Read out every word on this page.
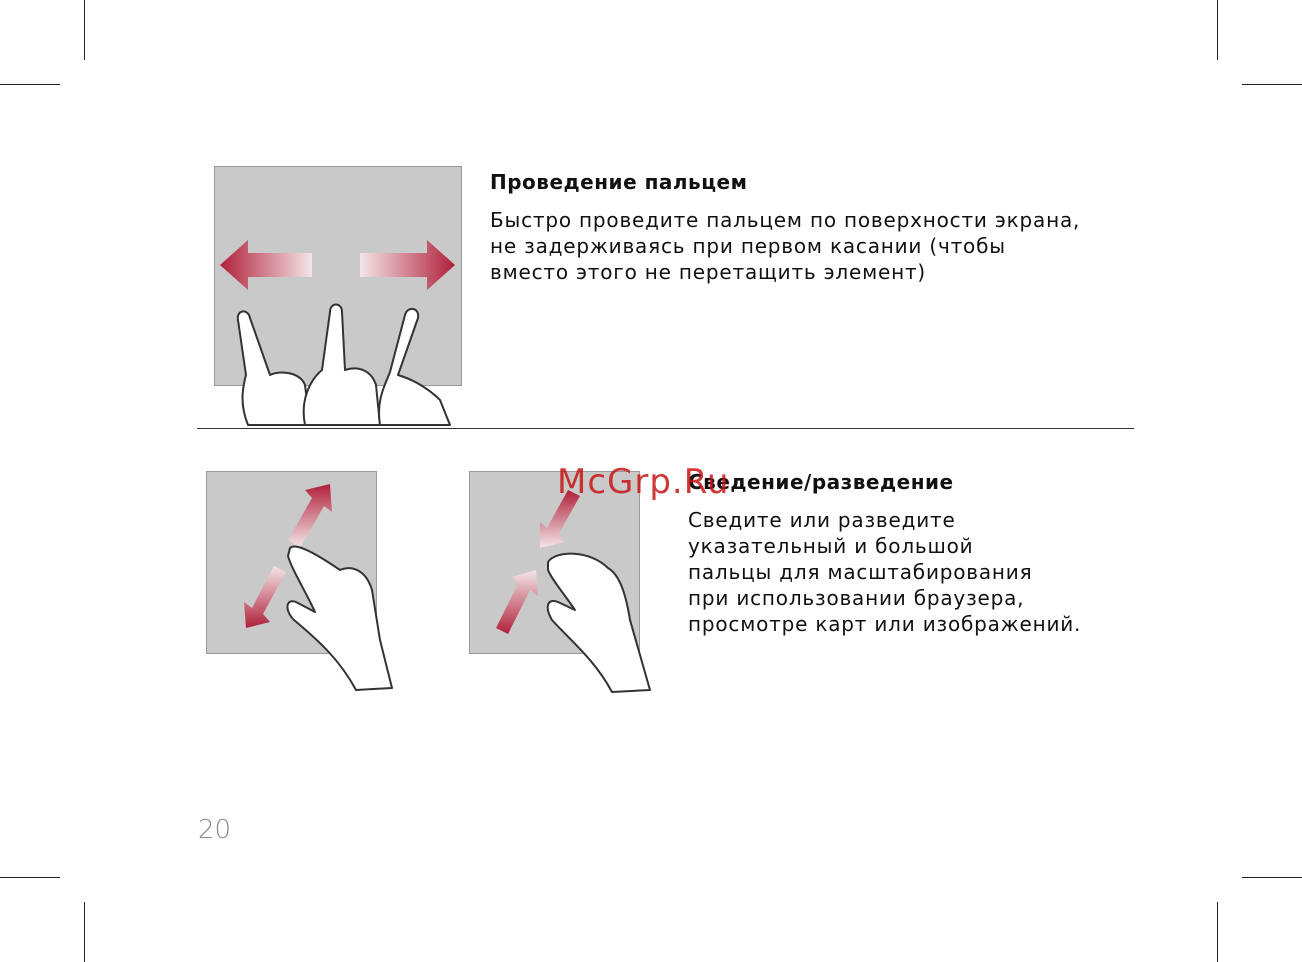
Проведение пальцем
Быстро проведите пальцем по поверхности экрана,
не задерживаясь при первом касании (чтобы
вместо этого не перетащить элемент)
Сведение/разведение
Сведите или разведите
указательный и большой
пальцы для масштабирования
при использовании браузера,
просмотре карт или изображений.
McGrp.Ru
20
